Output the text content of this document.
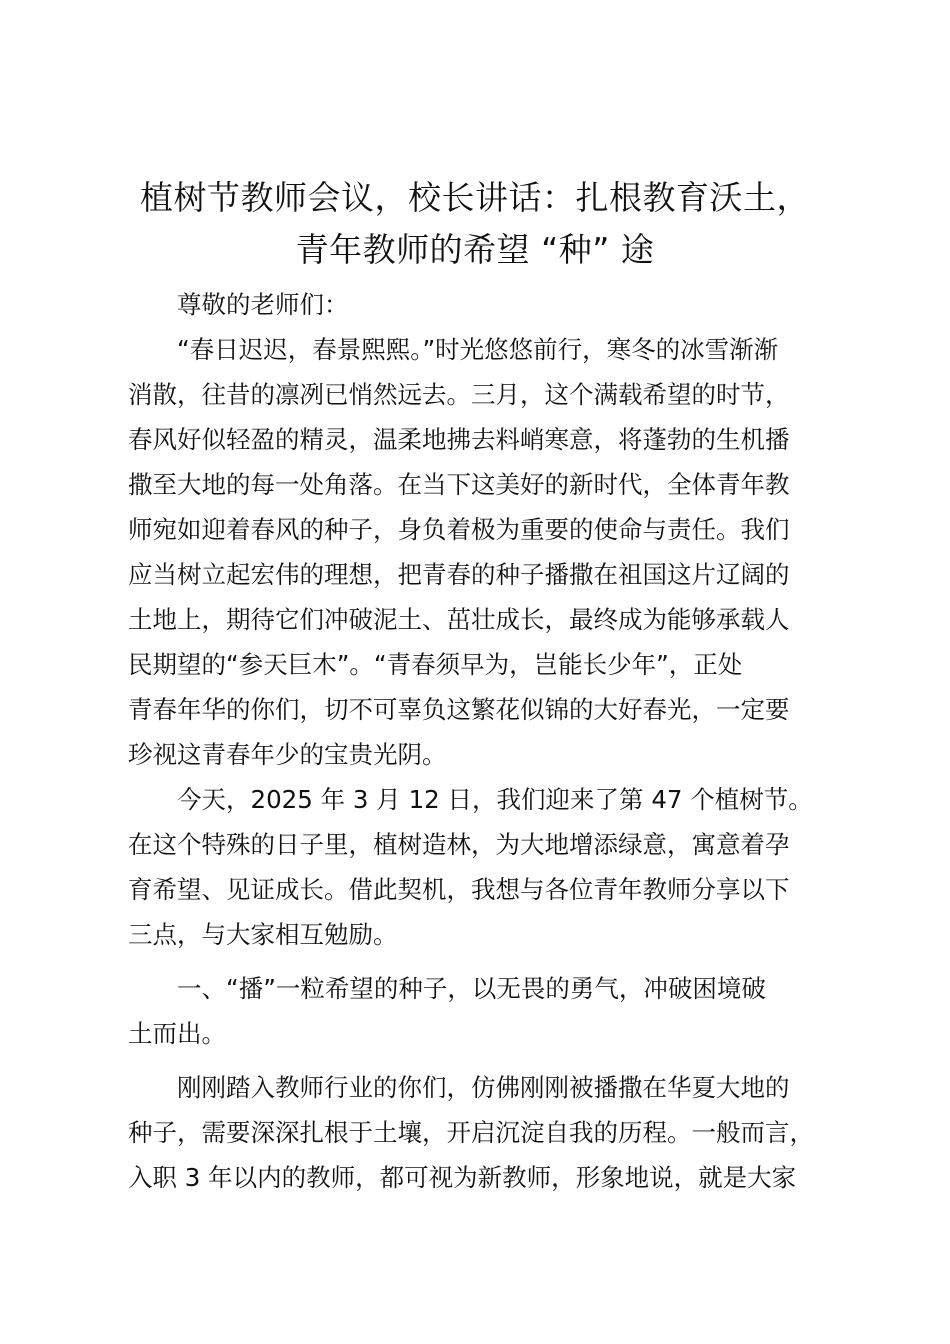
植树节教师会议，校长讲话：扎根教育沃土，
青年教师的希望 “种” 途
尊敬的老师们：
“春日迟迟，春景熙熙。”时光悠悠前行，寒冬的冰雪渐渐
消散，往昔的凛冽已悄然远去。三月，这个满载希望的时节，
春风好似轻盈的精灵，温柔地拂去料峭寒意，将蓬勃的生机播
撒至大地的每一处角落。在当下这美好的新时代，全体青年教
师宛如迎着春风的种子，身负着极为重要的使命与责任。我们
应当树立起宏伟的理想，把青春的种子播撒在祖国这片辽阔的
土地上，期待它们冲破泥土、茁壮成长，最终成为能够承载人
民期望的“参天巨木”。“青春须早为，岂能长少年”，正处
青春年华的你们，切不可辜负这繁花似锦的大好春光，一定要
珍视这青春年少的宝贵光阴。
今天，2025 年 3 月 12 日，我们迎来了第 47 个植树节。
在这个特殊的日子里，植树造林，为大地增添绿意，寓意着孕
育希望、见证成长。借此契机，我想与各位青年教师分享以下
三点，与大家相互勉励。
一、“播”一粒希望的种子，以无畏的勇气，冲破困境破
土而出。
刚刚踏入教师行业的你们，仿佛刚刚被播撒在华夏大地的
种子，需要深深扎根于土壤，开启沉淀自我的历程。一般而言，
入职 3 年以内的教师，都可视为新教师，形象地说，就是大家
